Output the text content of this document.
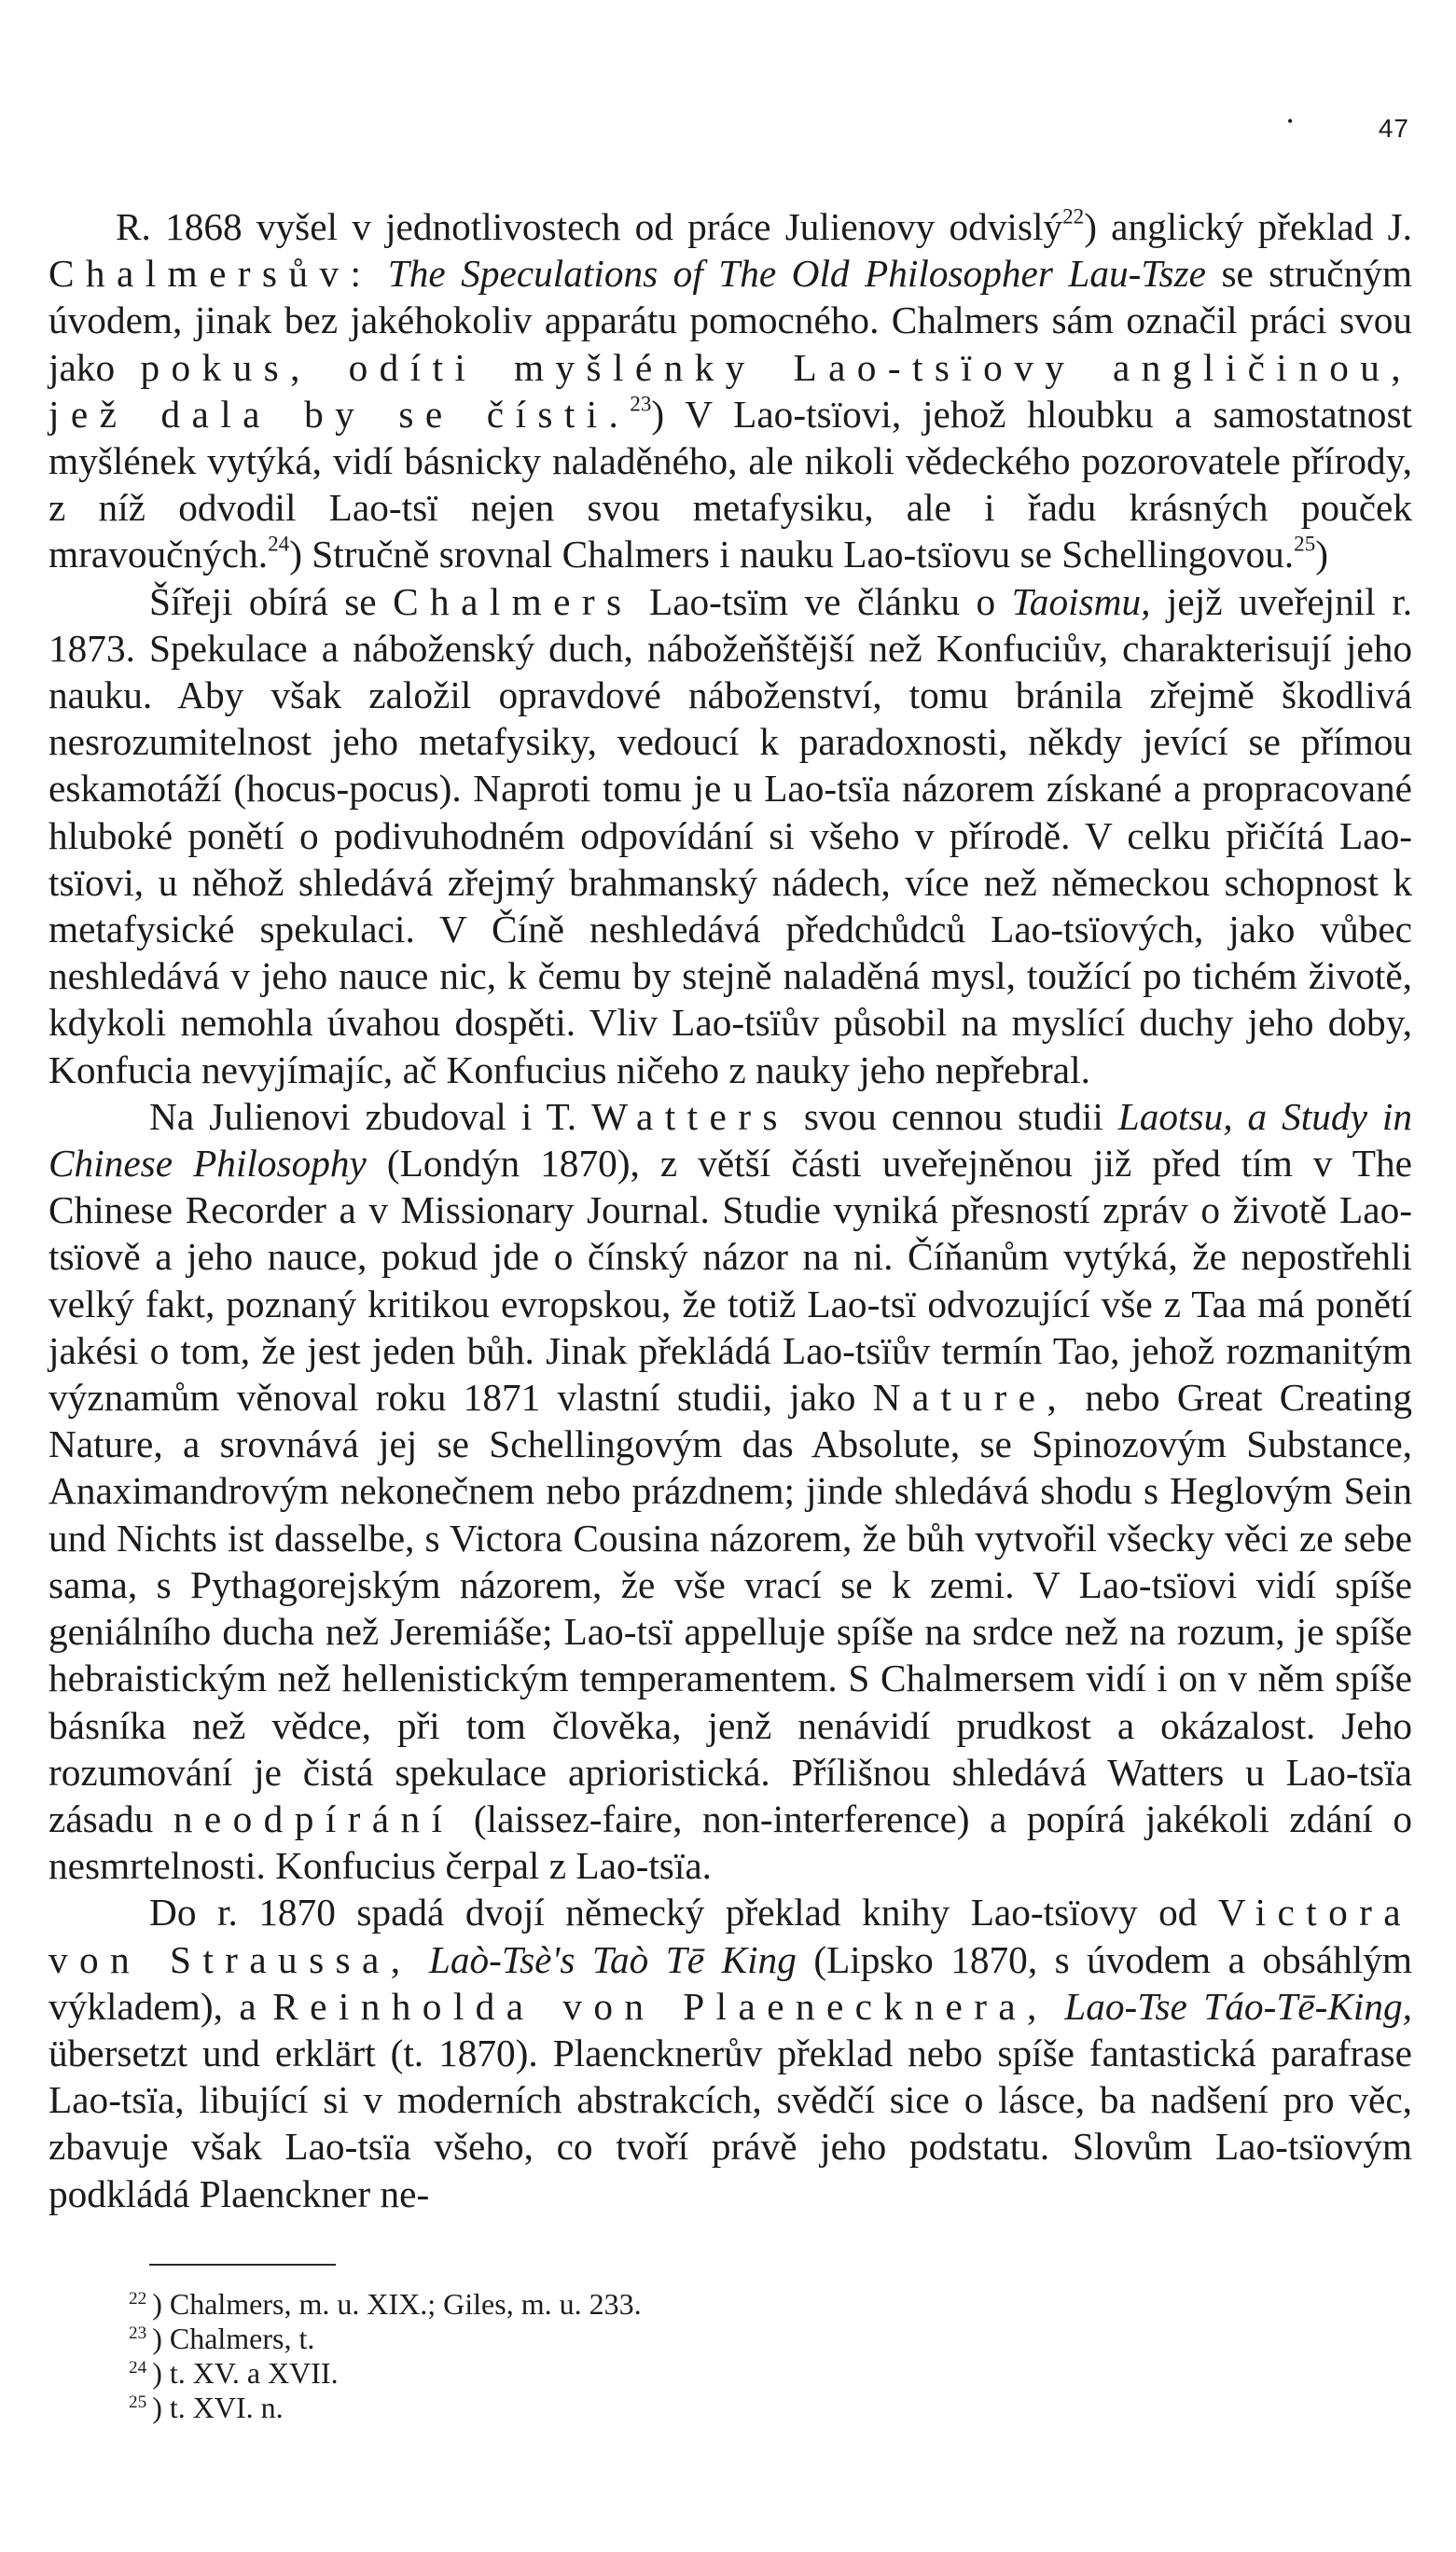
•	47

R. 1868 vyšel v jednotlivostech od práce Julienovy odvislý$^{22}$) anglický překlad J. Chalmersův: The Speculations of The Old Philosopher Lau-Tsze se stručným úvodem, jinak bez jakéhokoliv apparátu pomocného. Chalmers sám označil práci svou jako pokus, odíti myšlénky Lao-tsïovy angličinou, jež dala by se čísti.$^{23}$) V Lao-tsïovi, jehož hloubku a samostatnost myšlének vytýká, vidí básnicky naladěného, ale nikoli vědeckého pozorovatele přírody, z níž odvodil Lao-tsï nejen svou metafysiku, ale i řadu krásných pouček mravoučných.$^{24}$) Stručně srovnal Chalmers i nauku Lao-tsïovu se Schellingovou.$^{25}$)

Šířeji obírá se Chalmers Lao-tsïm ve článku o Taoismu, jejž uveřejnil r. 1873. Spekulace a náboženský duch, nábožeňštější než Konfuciův, charakterisují jeho nauku. Aby však založil opravdové náboženství, tomu bránila zřejmě škodlivá nesrozumitelnost jeho metafysiky, vedoucí k paradoxnosti, někdy jevící se přímou eskamotáží (hocus-pocus). Naproti tomu je u Lao-tsïa názorem získané a propracované hluboké ponětí o podivuhodném odpovídání si všeho v přírodě. V celku přičítá Lao-tsïovi, u něhož shledává zřejmý brahmanský nádech, více než německou schopnost k metafysické spekulaci. V Číně neshledává předchůdců Lao-tsïových, jako vůbec neshledává v jeho nauce nic, k čemu by stejně naladěná mysl, toužící po tichém životě, kdykoli nemohla úvahou dospěti. Vliv Lao-tsïův působil na myslící duchy jeho doby, Konfucia nevyjímajíc, ač Konfucius ničeho z nauky jeho nepřebral.

Na Julienovi zbudoval i T. Watters svou cennou studii Laotsu, a Study in Chinese Philosophy (Londýn 1870), z větší části uveřejněnou již před tím v The Chinese Recorder a v Missionary Journal. Studie vyniká přesností zpráv o životě Lao-tsïově a jeho nauce, pokud jde o čínský názor na ni. Číňanům vytýká, že nepostřehli velký fakt, poznaný kritikou evropskou, že totiž Lao-tsï odvozující vše z Taa má ponětí jakési o tom, že jest jeden bůh. Jinak překládá Lao-tsïův termín Tao, jehož rozmanitým významům věnoval roku 1871 vlastní studii, jako Nature, nebo Great Creating Nature, a srovnává jej se Schellingovým das Absolute, se Spinozovým Substance, Anaximandrovým nekonečnem nebo prázdnem; jinde shledává shodu s Heglovým Sein und Nichts ist dasselbe, s Victora Cousina názorem, že bůh vytvořil všecky věci ze sebe sama, s Pythagorejským názorem, že vše vrací se k zemi. V Lao-tsïovi vidí spíše geniálního ducha než Jeremiáše; Lao-tsï appelluje spíše na srdce než na rozum, je spíše hebraistickým než hellenistickým temperamentem. S Chalmersem vidí i on v něm spíše básníka než vědce, při tom člověka, jenž nenávidí prudkost a okázalost. Jeho rozumování je čistá spekulace aprioristická. Přílišnou shledává Watters u Lao-tsïa zásadu neodpírání (laissez-faire, non-interference) a popírá jakékoli zdání o nesmrtelnosti. Konfucius čerpal z Lao-tsïa.

Do r. 1870 spadá dvojí německý překlad knihy Lao-tsïovy od Victora von Straussa, Laò-Tsè's Taò Tē King (Lipsko 1870, s úvodem a obsáhlým výkladem), a Reinholda von Plaenecknera, Lao-Tse Táo-Tē-King, übersetzt und erklärt (t. 1870). Plaencknerův překlad nebo spíše fantastická parafrase Lao-tsïa, libující si v moderních abstrakcích, svědčí sice o lásce, ba nadšení pro věc, zbavuje však Lao-tsïa všeho, co tvoří právě jeho podstatu. Slovům Lao-tsïovým podkládá Plaenckner ne-

$^{22}$ ) Chalmers, m. u. XIX.; Giles, m. u. 233.

$^{23}$ ) Chalmers, t.

$^{24}$ ) t. XV. a XVII.

$^{25}$ ) t. XVI. n.
